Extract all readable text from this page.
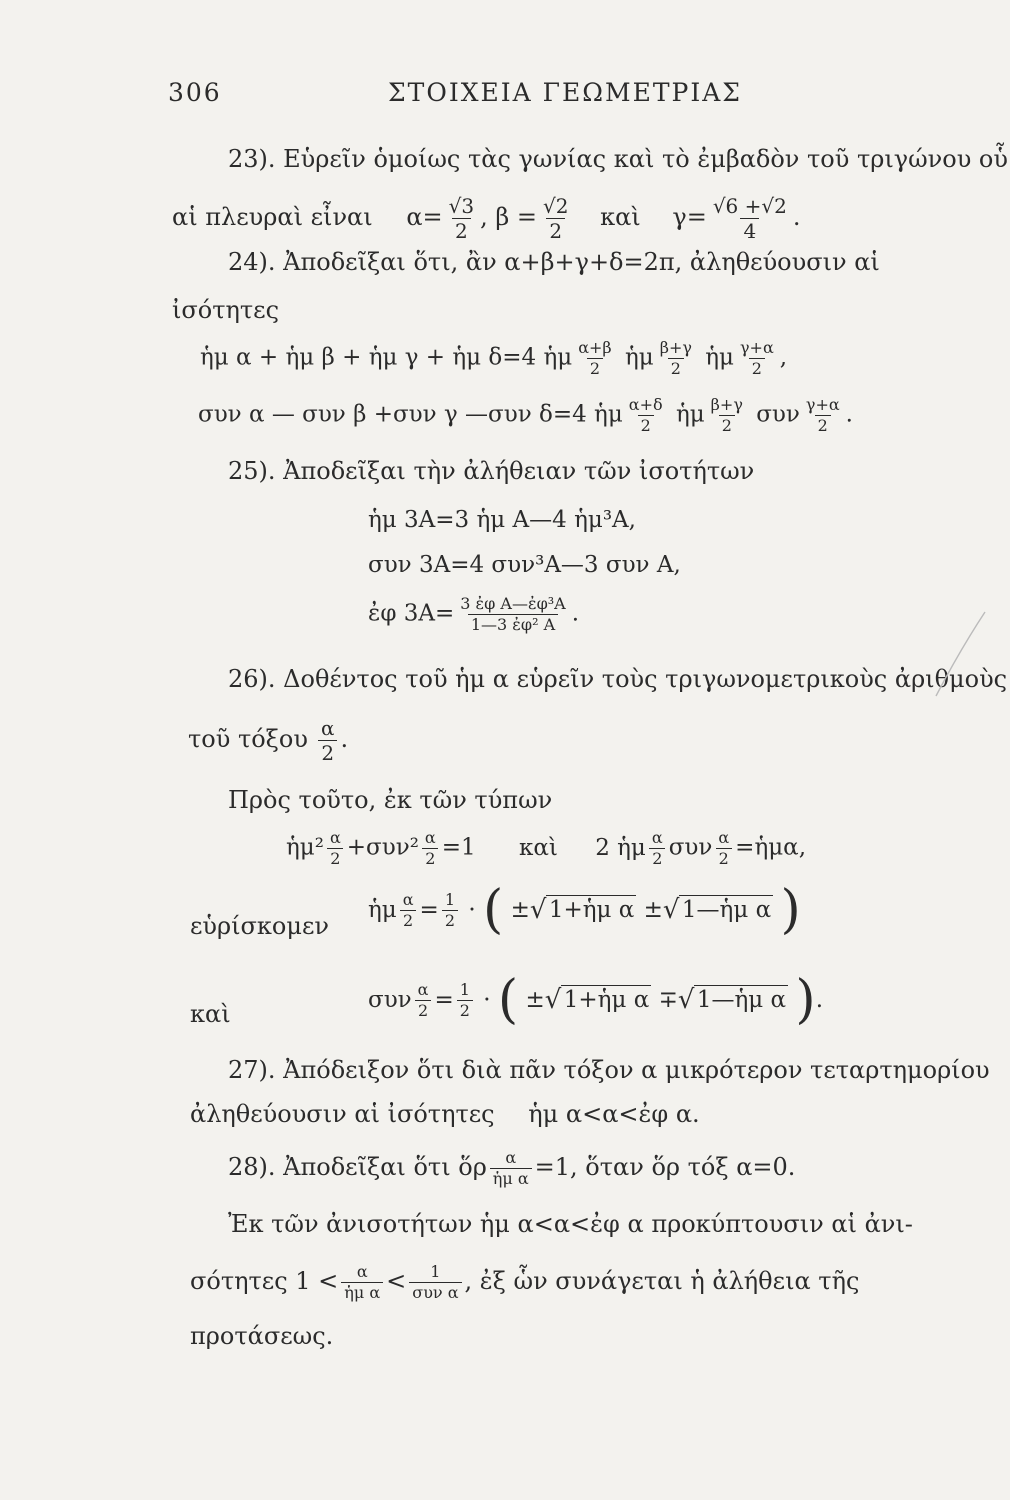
306	ΣΤΟΙΧΕΙΑ ΓΕΩΜΕΤΡΙΑΣ
23). Εὑρεῖν ὁμοίως τὰς γωνίας καὶ τὸ ἐμβαδὸν τοῦ τριγώνου οὗ
αἱ πλευραὶ εἶναι $\alpha= \frac{√3}{2}$ , $\beta = \frac{√2}{2}$ καὶ $\gamma= \frac{√6 +√2}{4}$ .
24). Ἀποδεῖξαι ὅτι, ἂν α+β+γ+δ=2π, ἀληθεύουσιν αἱ
ἰσότητες
ἡμ α + ἡμ β + ἡμ γ + ἡμ δ=4 ἡμ $\frac{\alpha+\beta}{2}$ ἡμ $\frac{\beta+\gamma}{2}$ ἡμ $\frac{\gamma+\alpha}{2}$ ,
συν α — συν β +συν γ —συν δ=4 ἡμ $\frac{\alpha+\delta}{2}$ ἡμ $\frac{\beta+\gamma}{2}$ συν $\frac{\gamma+\alpha}{2}$ .
25). Ἀποδεῖξαι τὴν ἀλήθειαν τῶν ἰσοτήτων
ἡμ 3Α=3 ἡμ Α—4 ἡμ³Α,
συν 3Α=4 συν³Α—3 συν Α,
ἐφ $3A= \frac{\text{3 ἐφ Α—ἐφ³Α}}{\text{1—3 ἐφ² Α}}$ .
26). Δοθέντος τοῦ ἡμ α εὑρεῖν τοὺς τριγωνομετρικοὺς ἀριθμοὺς
τοῦ τόξου $\frac{\alpha}{2}$ .
Πρὸς τοῦτο, ἐκ τῶν τύπων
ἡμ² $\frac{\alpha}{2} +\sigma\upsilon\nu^2 \frac{\alpha}{2} =1$ καὶ 2 ἡμ $\frac{\alpha}{2}$ συν $\frac{\alpha}{2}$ =ἡμα,
εὑρίσκομεν
ἡμ $\frac{\alpha}{2} = \frac{1}{2}$ · ( ± √ 1+ἡμ α ± √ 1—ἡμ α )
καὶ
συν $\frac{\alpha}{2} = \frac{1}{2}$ · ( ± √ 1+ἡμ α ∓ √ 1—ἡμ α ).
27). Ἀπόδειξον ὅτι διὰ πᾶν τόξον α μικρότερον τεταρτημορίου
ἀληθεύουσιν αἱ ἰσότητες ἡμ α<α<ἐφ α.
28). Ἀποδεῖξαι ὅτι ὅρ $\frac{\alpha}{\text{ἡμ α}} =1$, ὅταν ὅρ τόξ α=0.
Ἐκ τῶν ἀνισοτήτων ἡμ α<α<ἐφ α προκύπτουσιν αἱ ἀνι-
σότητες $1 < \frac{\alpha}{\text{ἡμ α}} < \frac{1}{\text{συν α}}$ , ἐξ ὧν συνάγεται ἡ ἀλήθεια τῆς
προτάσεως.
